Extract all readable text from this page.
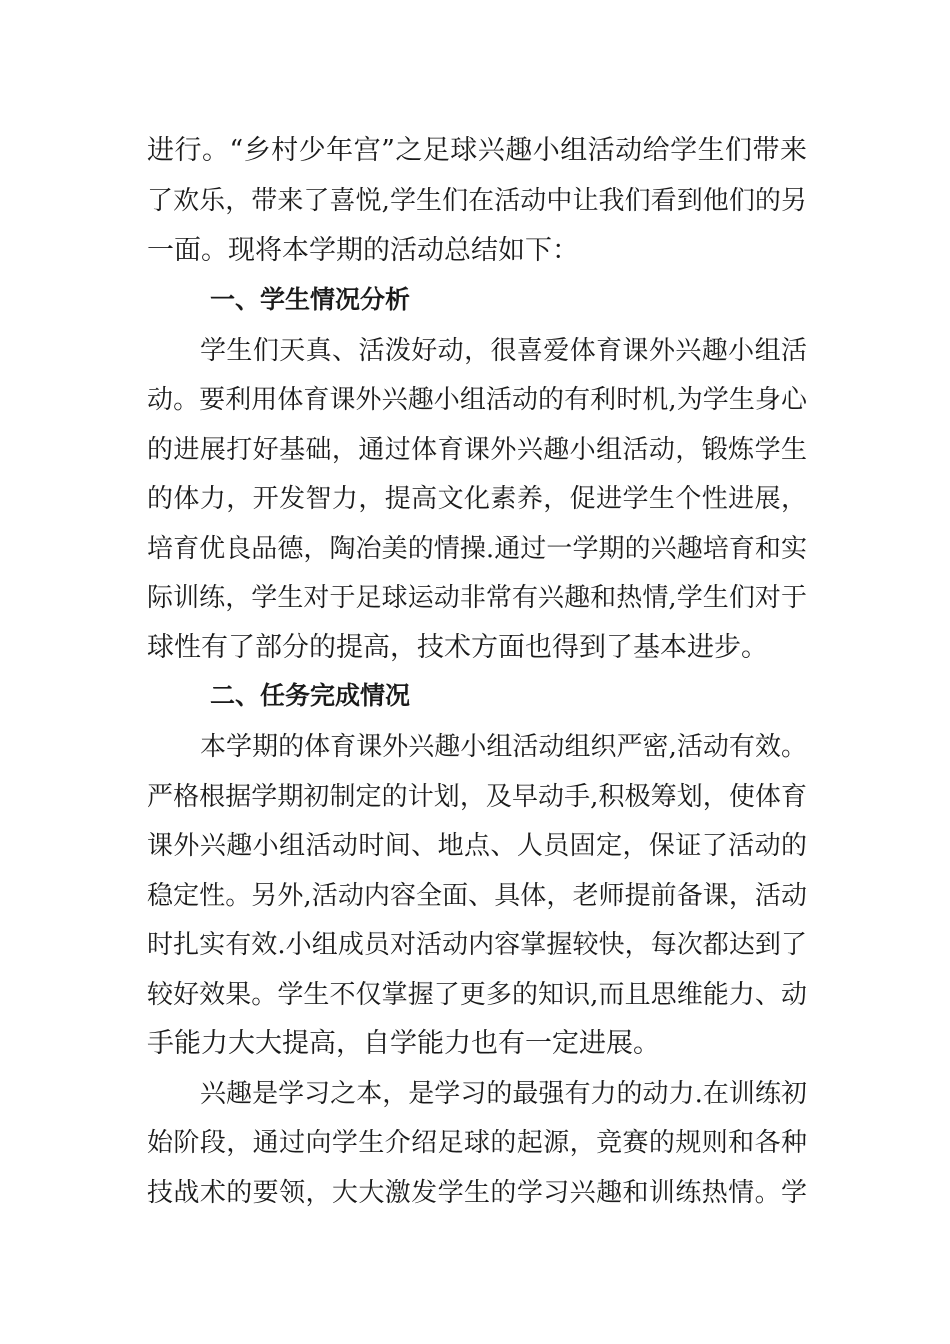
进行。“乡村少年宫”之足球兴趣小组活动给学生们带来
了欢乐，带来了喜悦,学生们在活动中让我们看到他们的另
一面。现将本学期的活动总结如下：
一、学生情况分析
学生们天真、活泼好动，很喜爱体育课外兴趣小组活
动。要利用体育课外兴趣小组活动的有利时机,为学生身心
的进展打好基础，通过体育课外兴趣小组活动，锻炼学生
的体力，开发智力，提高文化素养，促进学生个性进展，
培育优良品德，陶冶美的情操.通过一学期的兴趣培育和实
际训练，学生对于足球运动非常有兴趣和热情,学生们对于
球性有了部分的提高，技术方面也得到了基本进步。
二、任务完成情况
本学期的体育课外兴趣小组活动组织严密,活动有效。
严格根据学期初制定的计划，及早动手,积极筹划，使体育
课外兴趣小组活动时间、地点、人员固定，保证了活动的
稳定性。另外,活动内容全面、具体，老师提前备课，活动
时扎实有效.小组成员对活动内容掌握较快，每次都达到了
较好效果。学生不仅掌握了更多的知识,而且思维能力、动
手能力大大提高，自学能力也有一定进展。
兴趣是学习之本，是学习的最强有力的动力.在训练初
始阶段，通过向学生介绍足球的起源，竞赛的规则和各种
技战术的要领，大大激发学生的学习兴趣和训练热情。学
